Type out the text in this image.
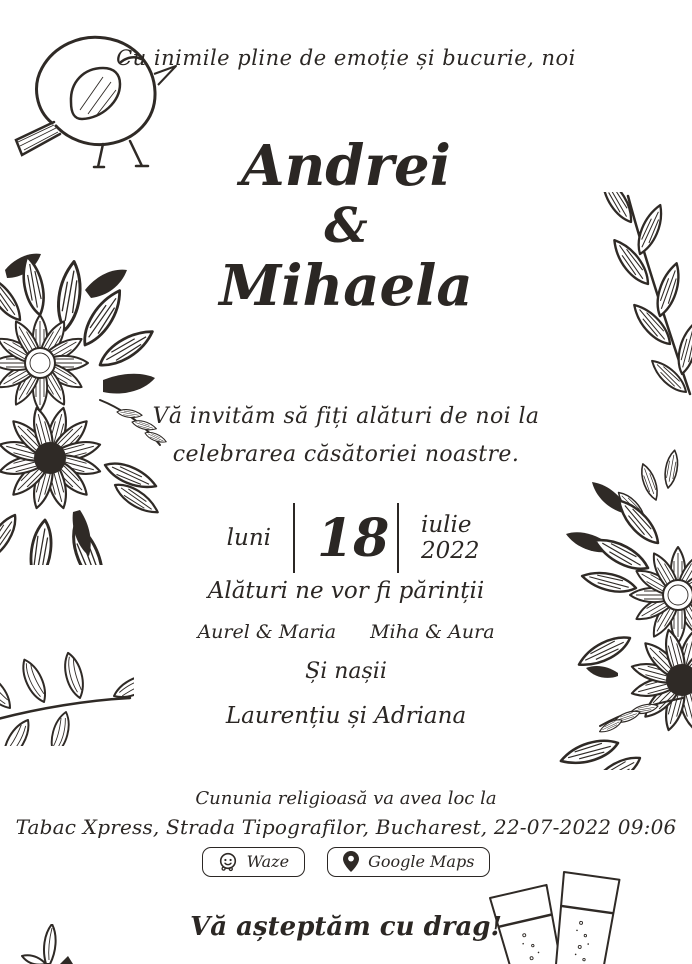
Cu inimile pline de emoție și bucurie, noi
Andrei
&
Mihaela
Vă invităm să fiți alături de noi la
celebrarea căsătoriei noastre.
luni 18 iulie 2022
Alături ne vor fi părinții
Aurel & Maria Miha & Aura
Și nașii
Laurențiu și Adriana
Cununia religioasă va avea loc la
Tabac Xpress, Strada Tipografilor, Bucharest, 22-07-2022 09:06
Waze	Google Maps
Vă așteptăm cu drag!
